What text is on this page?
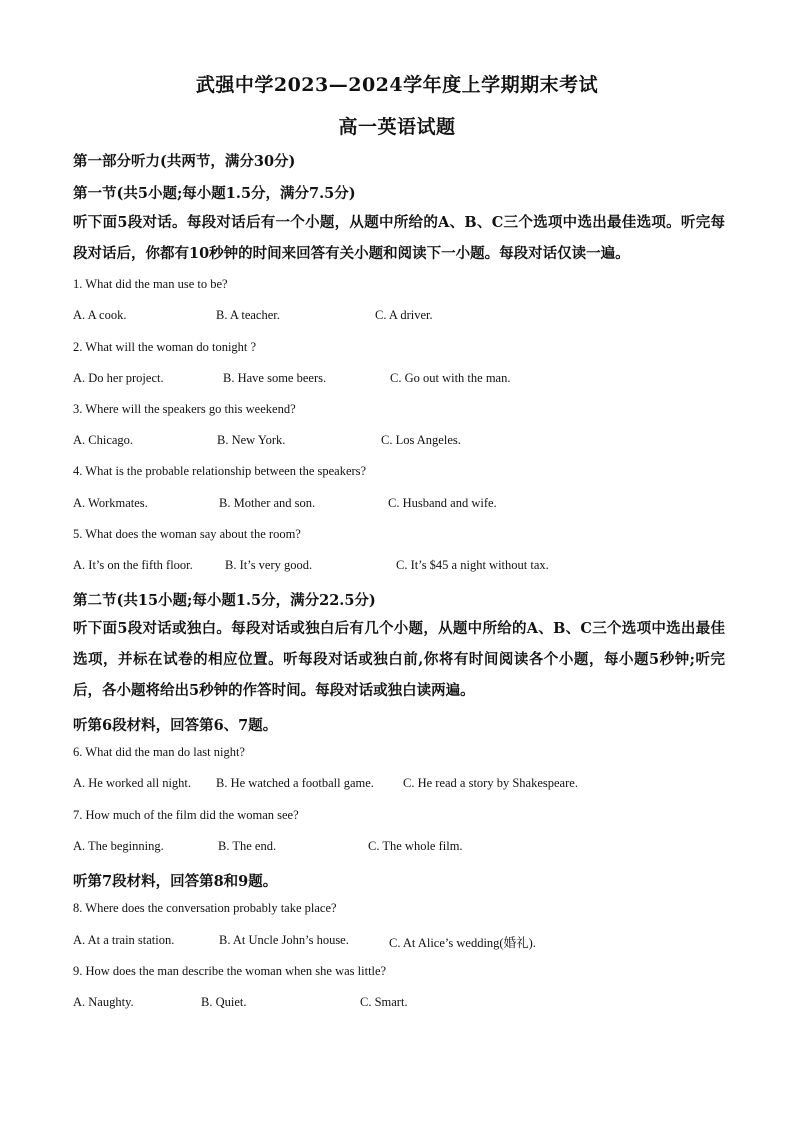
武强中学2023—2024学年度上学期期末考试
高一英语试题
第一部分听力(共两节，满分30分)
第一节(共5小题;每小题1.5分，满分7.5分)
听下面5段对话。每段对话后有一个小题，从题中所给的A、B、C三个选项中选出最佳选项。听完每段对话后，你都有10秒钟的时间来回答有关小题和阅读下一小题。每段对话仅读一遍。
1. What did the man use to be?
A. A cook.	B. A teacher.	C. A driver.
2. What will the woman do tonight ?
A. Do her project.	B. Have some beers.	C. Go out with the man.
3. Where will the speakers go this weekend?
A. Chicago.	B. New York.	C. Los Angeles.
4. What is the probable relationship between the speakers?
A. Workmates.	B. Mother and son.	C. Husband and wife.
5. What does the woman say about the room?
A. It’s on the fifth floor.	B. It’s very good.	C. It’s $45 a night without tax.
第二节(共15小题;每小题1.5分，满分22.5分)
听下面5段对话或独白。每段对话或独白后有几个小题，从题中所给的A、B、C三个选项中选出最佳选项，并标在试卷的相应位置。听每段对话或独白前,你将有时间阅读各个小题，每小题5秒钟;听完后，各小题将给出5秒钟的作答时间。每段对话或独白读两遍。
听第6段材料，回答第6、7题。
6. What did the man do last night?
A. He worked all night. B. He watched a football game. C. He read a story by Shakespeare.
7. How much of the film did the woman see?
A. The beginning.	B. The end.	C. The whole film.
听第7段材料，回答第8和9题。
8. Where does the conversation probably take place?
A. At a train station.	B. At Uncle John’s house.	C. At Alice’s wedding(婚礼).
9. How does the man describe the woman when she was little?
A. Naughty.	B. Quiet.	C. Smart.
